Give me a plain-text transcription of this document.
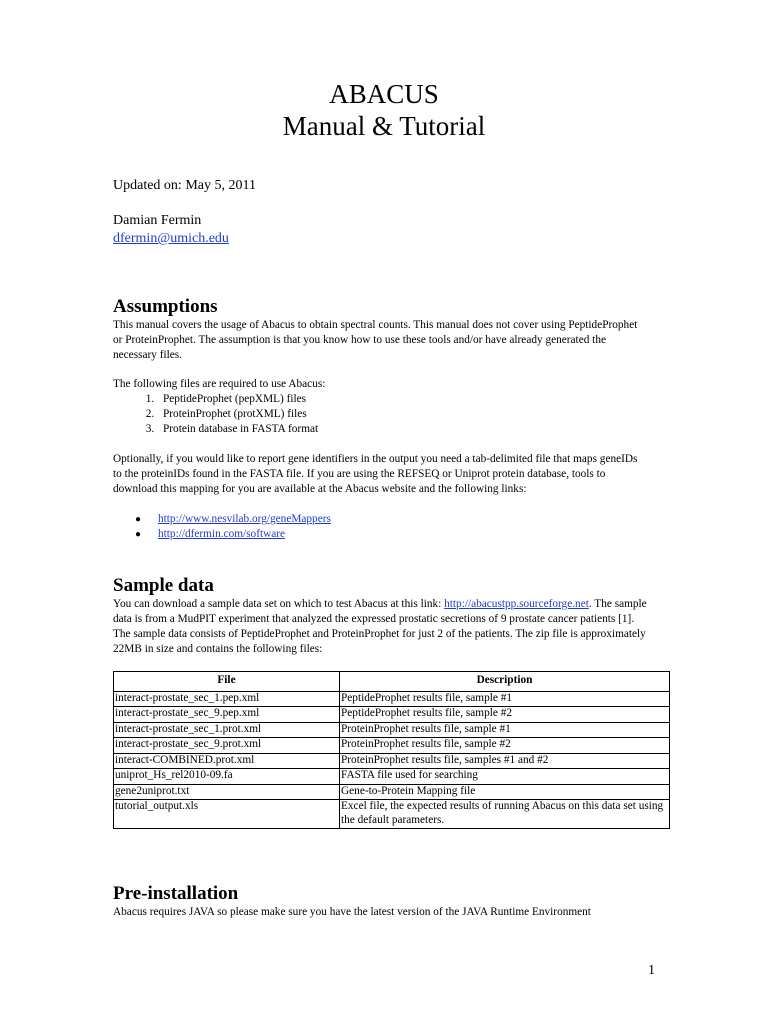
ABACUS
Manual & Tutorial
Updated on: May 5, 2011
Damian Fermin
dfermin@umich.edu
Assumptions
This manual covers the usage of Abacus to obtain spectral counts. This manual does not cover using PeptideProphet or ProteinProphet. The assumption is that you know how to use these tools and/or have already generated the necessary files.
The following files are required to use Abacus:
1. PeptideProphet (pepXML) files
2. ProteinProphet (protXML) files
3. Protein database in FASTA format
Optionally, if you would like to report gene identifiers in the output you need a tab-delimited file that maps geneIDs to the proteinIDs found in the FASTA file. If you are using the REFSEQ or Uniprot protein database, tools to download this mapping for you are available at the Abacus website and the following links:
● http://www.nesvilab.org/geneMappers
● http://dfermin.com/software
Sample data
You can download a sample data set on which to test Abacus at this link: http://abacustpp.sourceforge.net. The sample data is from a MudPIT experiment that analyzed the expressed prostatic secretions of 9 prostate cancer patients [1]. The sample data consists of PeptideProphet and ProteinProphet for just 2 of the patients. The zip file is approximately 22MB in size and contains the following files:
File	Description
interact-prostate_sec_1.pep.xml	PeptideProphet results file, sample #1
interact-prostate_sec_9.pep.xml	PeptideProphet results file, sample #2
interact-prostate_sec_1.prot.xml	ProteinProphet results file, sample #1
interact-prostate_sec_9.prot.xml	ProteinProphet results file, sample #2
interact-COMBINED.prot.xml	ProteinProphet results file, samples #1 and #2
uniprot_Hs_rel2010-09.fa	FASTA file used for searching
gene2uniprot.txt	Gene-to-Protein Mapping file
tutorial_output.xls	Excel file, the expected results of running Abacus on this data set using the default parameters.
Pre-installation
Abacus requires JAVA so please make sure you have the latest version of the JAVA Runtime Environment
1
